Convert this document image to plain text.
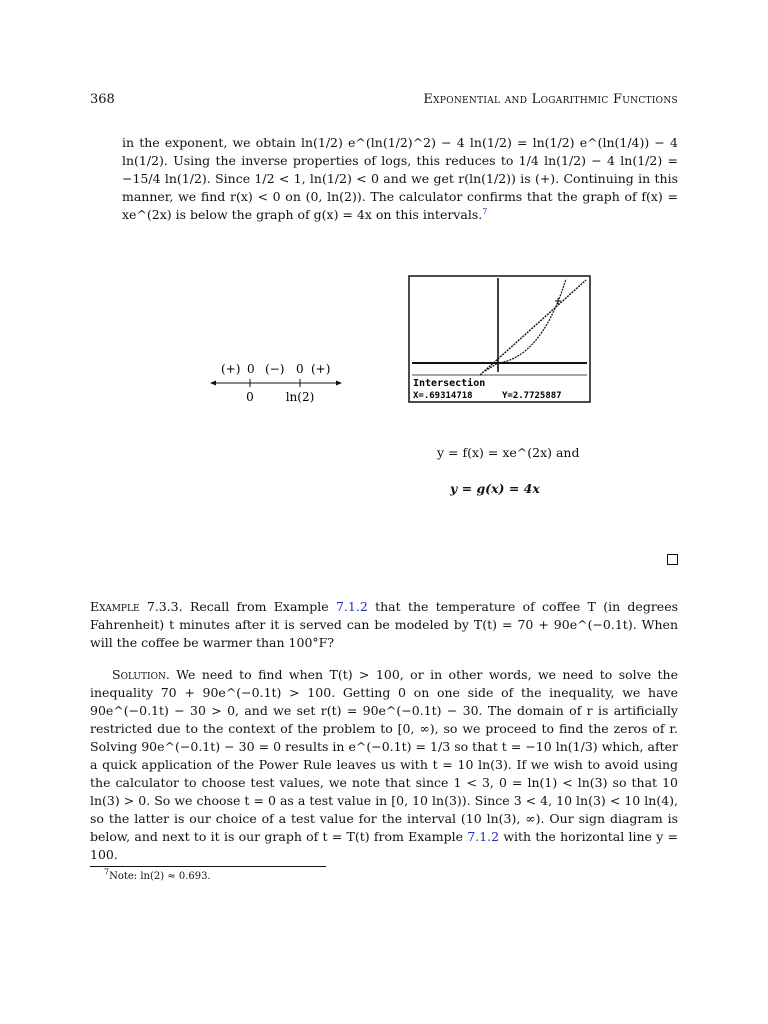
368	Exponential and Logarithmic Functions
in the exponent, we obtain ln(1/2) e^(ln(1/2)^2) − 4 ln(1/2) = ln(1/2) e^(ln(1/4)) − 4 ln(1/2). Using the inverse properties of logs, this reduces to 1/4 ln(1/2) − 4 ln(1/2) = −15/4 ln(1/2). Since 1/2 < 1, ln(1/2) < 0 and we get r(ln(1/2)) is (+). Continuing in this manner, we find r(x) < 0 on (0, ln(2)). The calculator confirms that the graph of f(x) = xe^(2x) is below the graph of g(x) = 4x on this intervals.$^7$
(+) 0 (−) 0 (+)
0	ln(2)
Intersection
X=.69314718	Y=2.7725887
y = f(x) = xe^(2x) and
y = g(x) = 4x
Example 7.3.3. Recall from Example 7.1.2 that the temperature of coffee T (in degrees Fahrenheit) t minutes after it is served can be modeled by T(t) = 70 + 90e^(−0.1t). When will the coffee be warmer than 100°F?
Solution. We need to find when T(t) > 100, or in other words, we need to solve the inequality 70 + 90e^(−0.1t) > 100. Getting 0 on one side of the inequality, we have 90e^(−0.1t) − 30 > 0, and we set r(t) = 90e^(−0.1t) − 30. The domain of r is artificially restricted due to the context of the problem to [0, ∞), so we proceed to find the zeros of r. Solving 90e^(−0.1t) − 30 = 0 results in e^(−0.1t) = 1/3 so that t = −10 ln(1/3) which, after a quick application of the Power Rule leaves us with t = 10 ln(3). If we wish to avoid using the calculator to choose test values, we note that since 1 < 3, 0 = ln(1) < ln(3) so that 10 ln(3) > 0. So we choose t = 0 as a test value in [0, 10 ln(3)). Since 3 < 4, 10 ln(3) < 10 ln(4), so the latter is our choice of a test value for the interval (10 ln(3), ∞). Our sign diagram is below, and next to it is our graph of t = T(t) from Example 7.1.2 with the horizontal line y = 100.
$^7$Note: ln(2) ≈ 0.693.
